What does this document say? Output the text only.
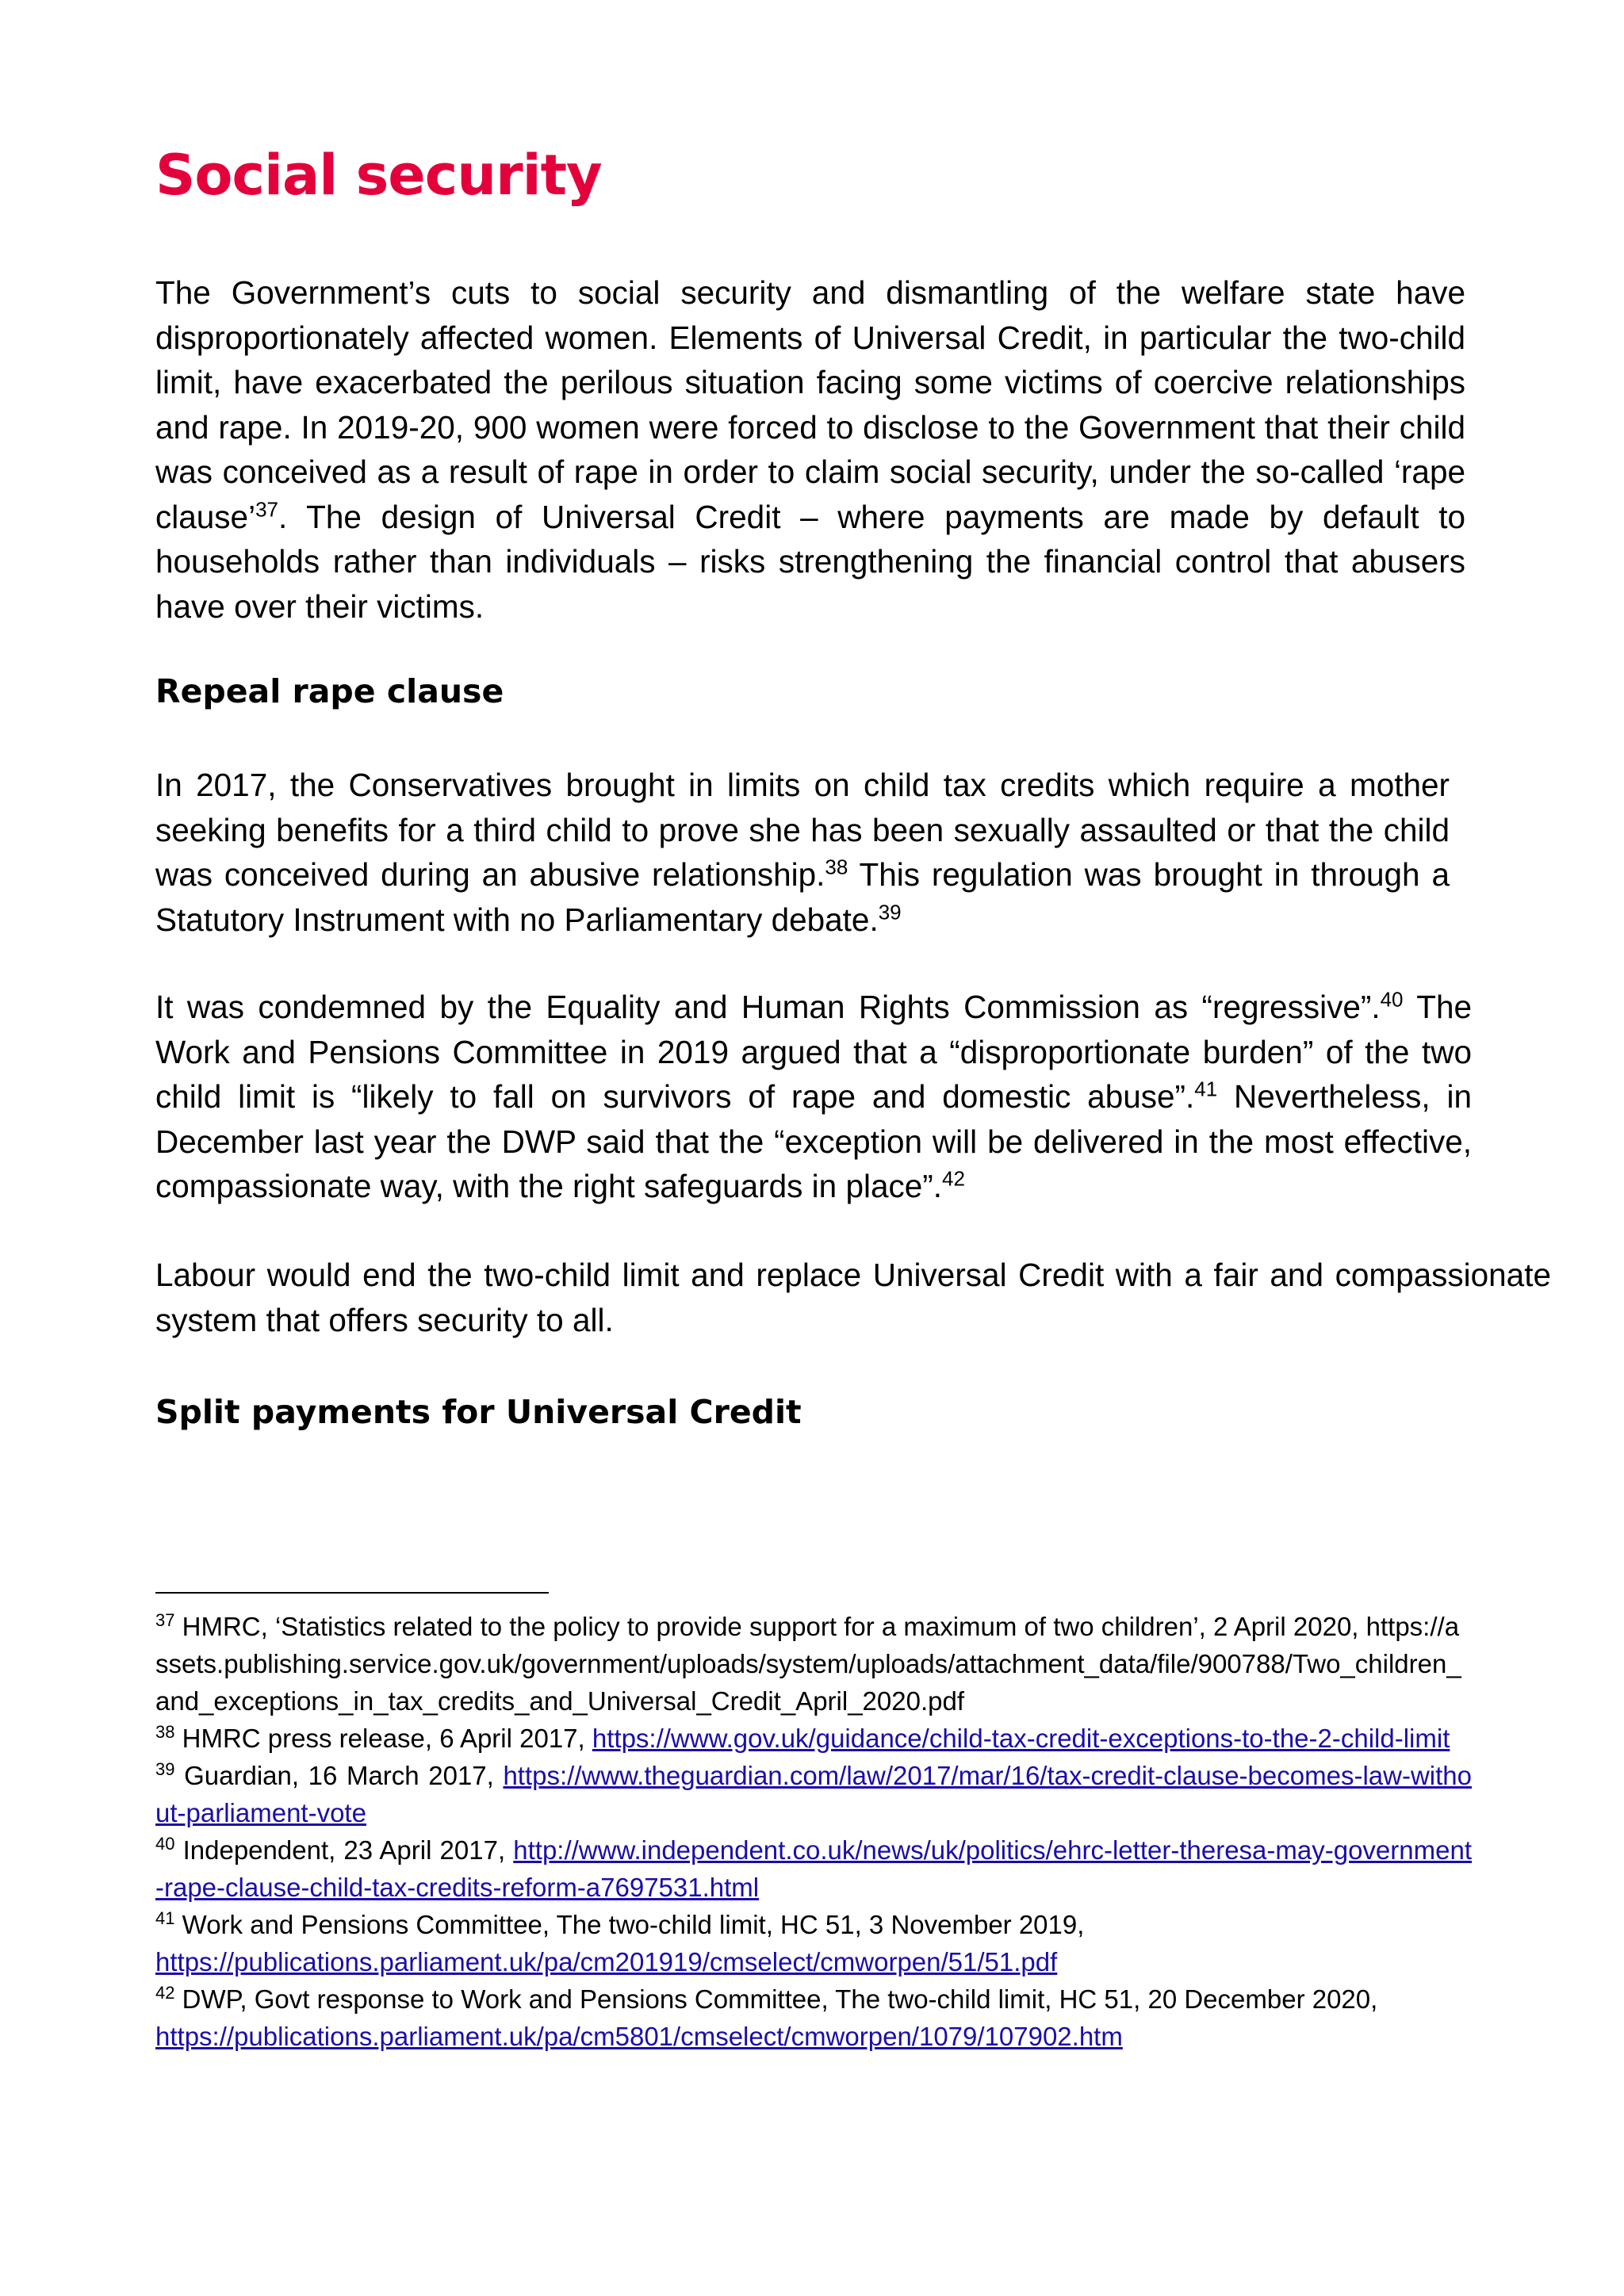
Social security

The Government’s cuts to social security and dismantling of the welfare state have disproportionately affected women. Elements of Universal Credit, in particular the two-child limit, have exacerbated the perilous situation facing some victims of coercive relationships and rape. In 2019-20, 900 women were forced to disclose to the Government that their child was conceived as a result of rape in order to claim social security, under the so-called ‘rape clause’$^{37}$. The design of Universal Credit – where payments are made by default to households rather than individuals – risks strengthening the financial control that abusers have over their victims.

Repeal rape clause

In 2017, the Conservatives brought in limits on child tax credits which require a mother seeking benefits for a third child to prove she has been sexually assaulted or that the child was conceived during an abusive relationship.$^{38}$ This regulation was brought in through a Statutory Instrument with no Parliamentary debate.$^{39}$

It was condemned by the Equality and Human Rights Commission as “regressive”.$^{40}$ The Work and Pensions Committee in 2019 argued that a “disproportionate burden” of the two child limit is “likely to fall on survivors of rape and domestic abuse”.$^{41}$ Nevertheless, in December last year the DWP said that the “exception will be delivered in the most effective, compassionate way, with the right safeguards in place”.$^{42}$

Labour would end the two-child limit and replace Universal Credit with a fair and compassionate system that offers security to all.

Split payments for Universal Credit

$^{37}$ HMRC, ‘Statistics related to the policy to provide support for a maximum of two children’, 2 April 2020, https://assets.publishing.service.gov.uk/government/uploads/system/uploads/attachment_data/file/900788/Two_children_and_exceptions_in_tax_credits_and_Universal_Credit_April_2020.pdf

$^{38}$ HMRC press release, 6 April 2017, https://www.gov.uk/guidance/child-tax-credit-exceptions-to-the-2-child-limit

$^{39}$ Guardian, 16 March 2017, https://www.theguardian.com/law/2017/mar/16/tax-credit-clause-becomes-law-without-parliament-vote

$^{40}$ Independent, 23 April 2017, http://www.independent.co.uk/news/uk/politics/ehrc-letter-theresa-may-government-rape-clause-child-tax-credits-reform-a7697531.html

$^{41}$ Work and Pensions Committee, The two-child limit, HC 51, 3 November 2019, https://publications.parliament.uk/pa/cm201919/cmselect/cmworpen/51/51.pdf

$^{42}$ DWP, Govt response to Work and Pensions Committee, The two-child limit, HC 51, 20 December 2020, https://publications.parliament.uk/pa/cm5801/cmselect/cmworpen/1079/107902.htm
